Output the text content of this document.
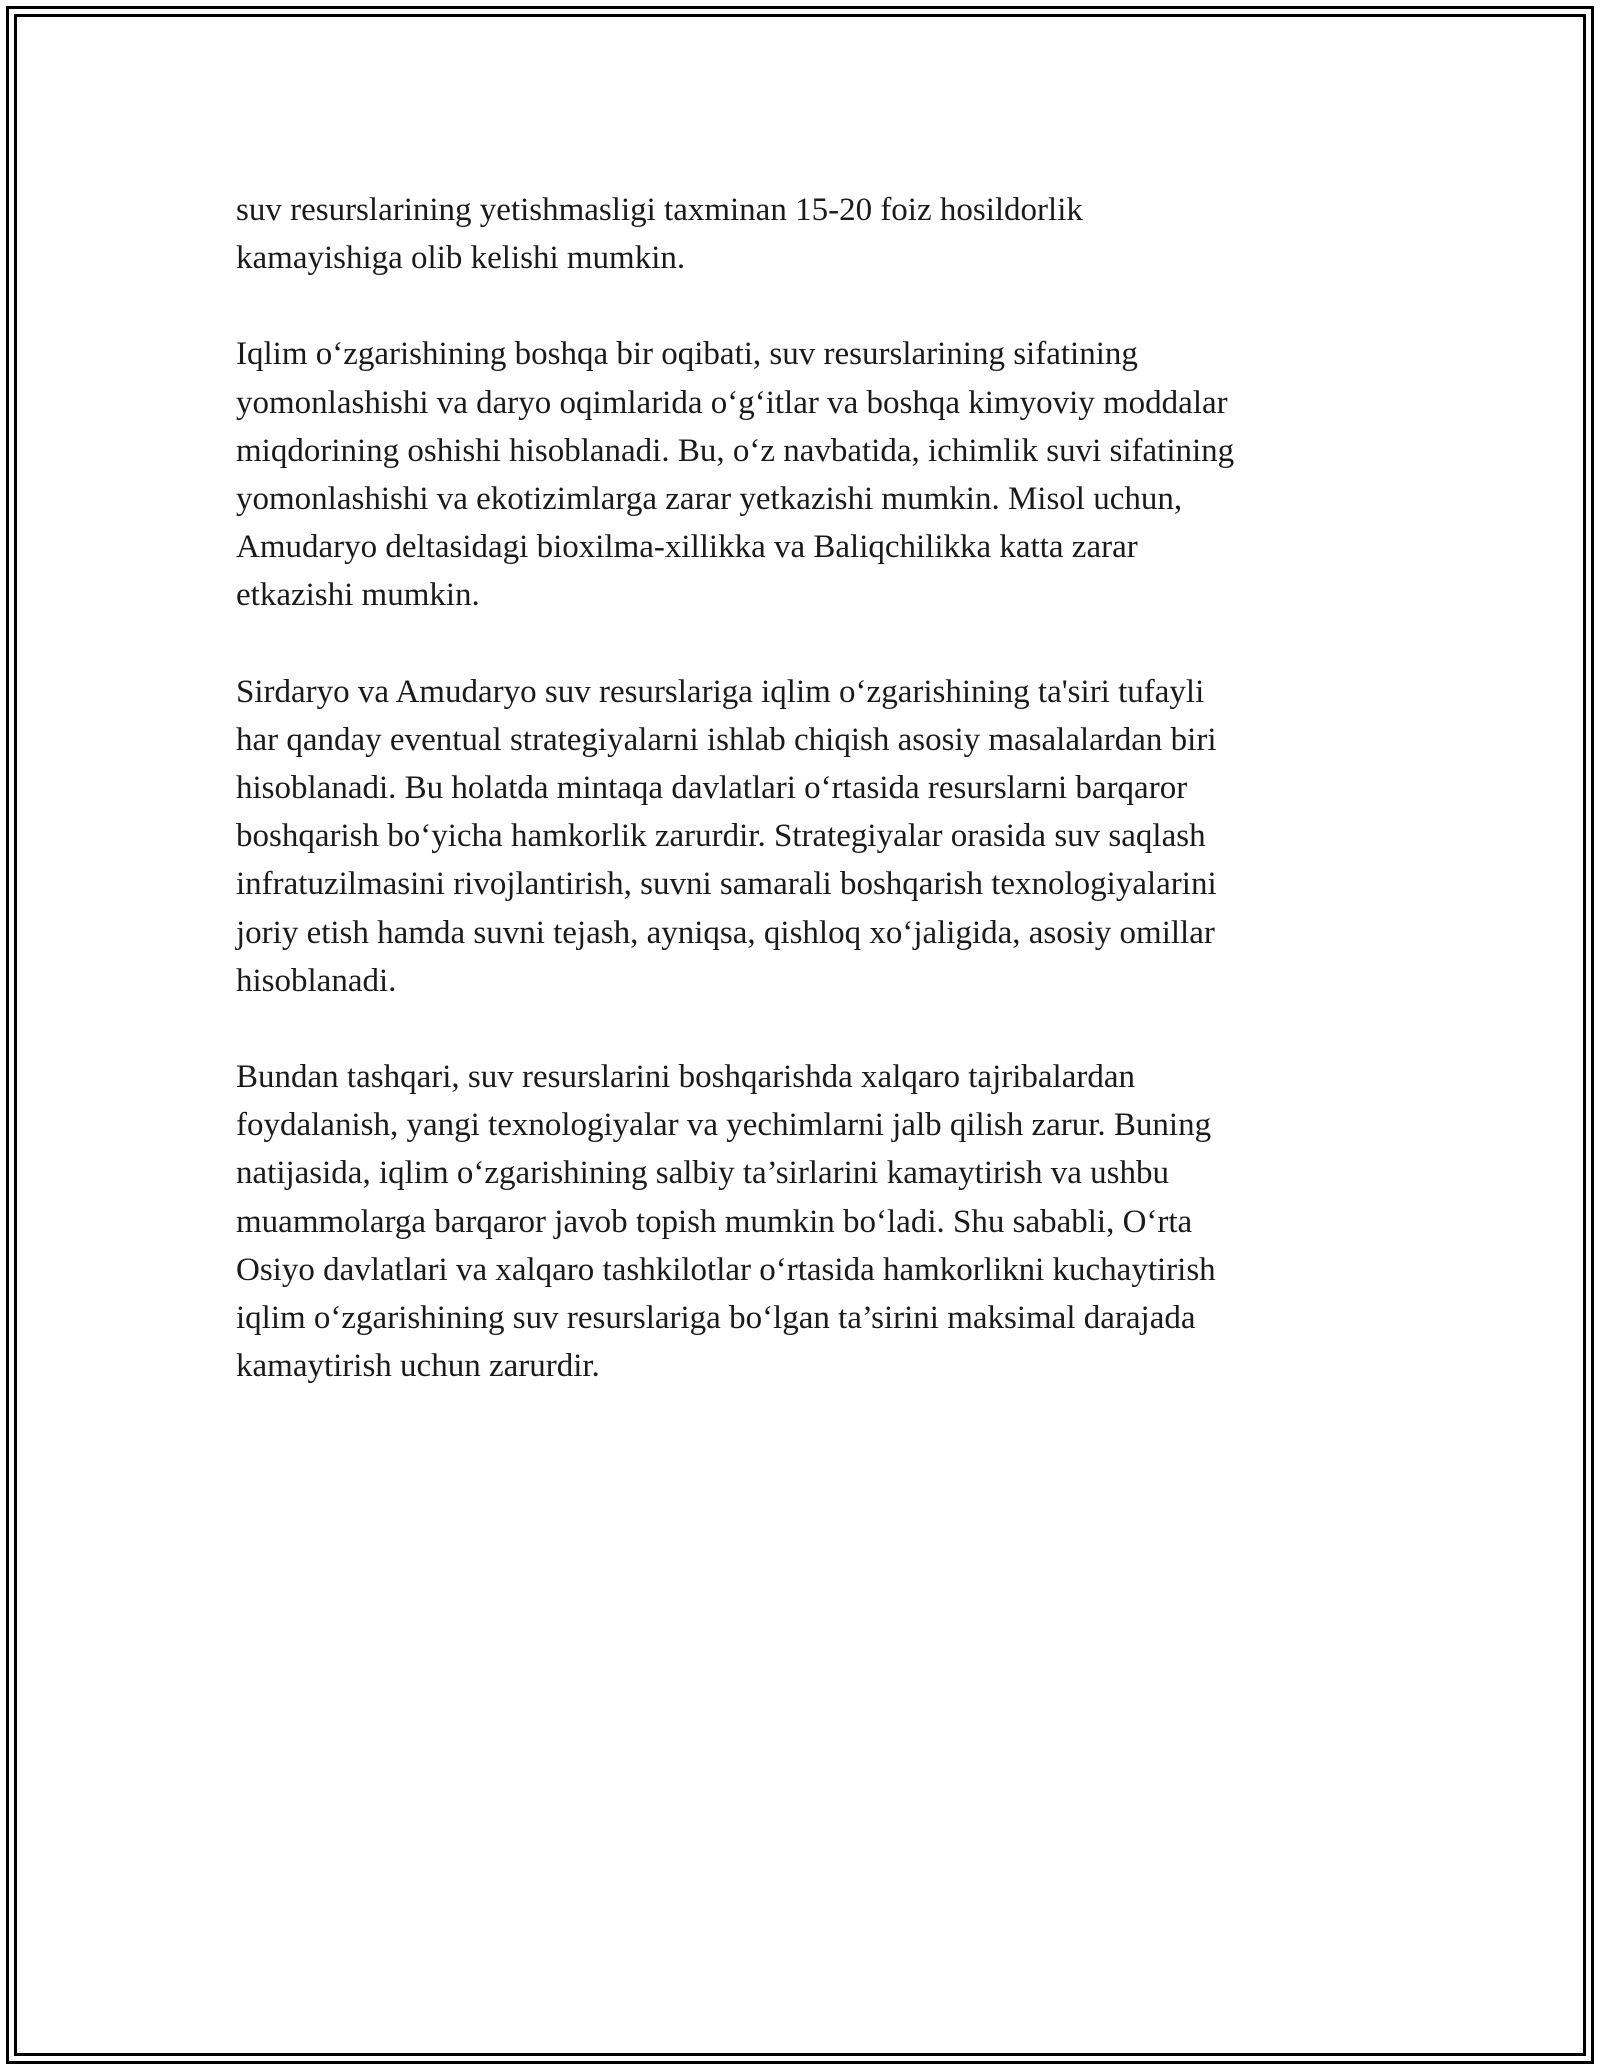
suv resurslarining yetishmasligi taxminan 15-20 foiz hosildorlik
kamayishiga olib kelishi mumkin.

Iqlim o‘zgarishining boshqa bir oqibati, suv resurslarining sifatining
yomonlashishi va daryo oqimlarida o‘g‘itlar va boshqa kimyoviy moddalar
miqdorining oshishi hisoblanadi. Bu, o‘z navbatida, ichimlik suvi sifatining
yomonlashishi va ekotizimlarga zarar yetkazishi mumkin. Misol uchun,
Amudaryo deltasidagi bioxilma-xillikka va Baliqchilikka katta zarar
etkazishi mumkin.

Sirdaryo va Amudaryo suv resurslariga iqlim o‘zgarishining ta'siri tufayli
har qanday eventual strategiyalarni ishlab chiqish asosiy masalalardan biri
hisoblanadi. Bu holatda mintaqa davlatlari o‘rtasida resurslarni barqaror
boshqarish bo‘yicha hamkorlik zarurdir. Strategiyalar orasida suv saqlash
infratuzilmasini rivojlantirish, suvni samarali boshqarish texnologiyalarini
joriy etish hamda suvni tejash, ayniqsa, qishloq xo‘jaligida, asosiy omillar
hisoblanadi.

Bundan tashqari, suv resurslarini boshqarishda xalqaro tajribalardan
foydalanish, yangi texnologiyalar va yechimlarni jalb qilish zarur. Buning
natijasida, iqlim o‘zgarishining salbiy ta’sirlarini kamaytirish va ushbu
muammolarga barqaror javob topish mumkin bo‘ladi. Shu sababli, O‘rta
Osiyo davlatlari va xalqaro tashkilotlar o‘rtasida hamkorlikni kuchaytirish
iqlim o‘zgarishining suv resurslariga bo‘lgan ta’sirini maksimal darajada
kamaytirish uchun zarurdir.
